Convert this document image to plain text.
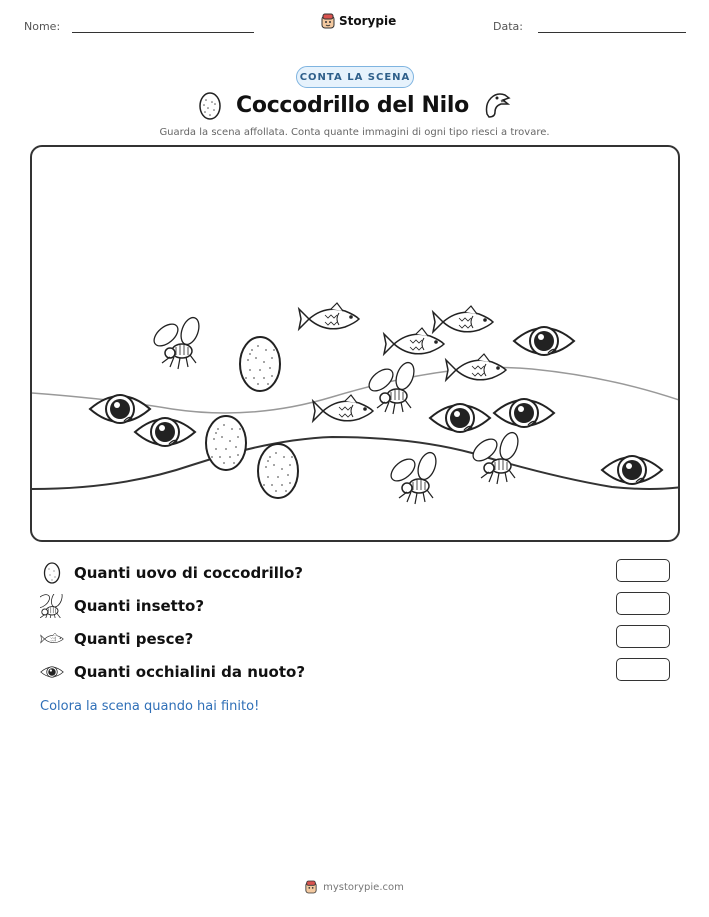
Nome:	Storypie	Data:
CONTA LA SCENA
Coccodrillo del Nilo
Guarda la scena affollata. Conta quante immagini di ogni tipo riesci a trovare.
Quanti uovo di coccodrillo?
Quanti insetto?
Quanti pesce?
Quanti occhialini da nuoto?
Colora la scena quando hai finito!
mystorypie.com
